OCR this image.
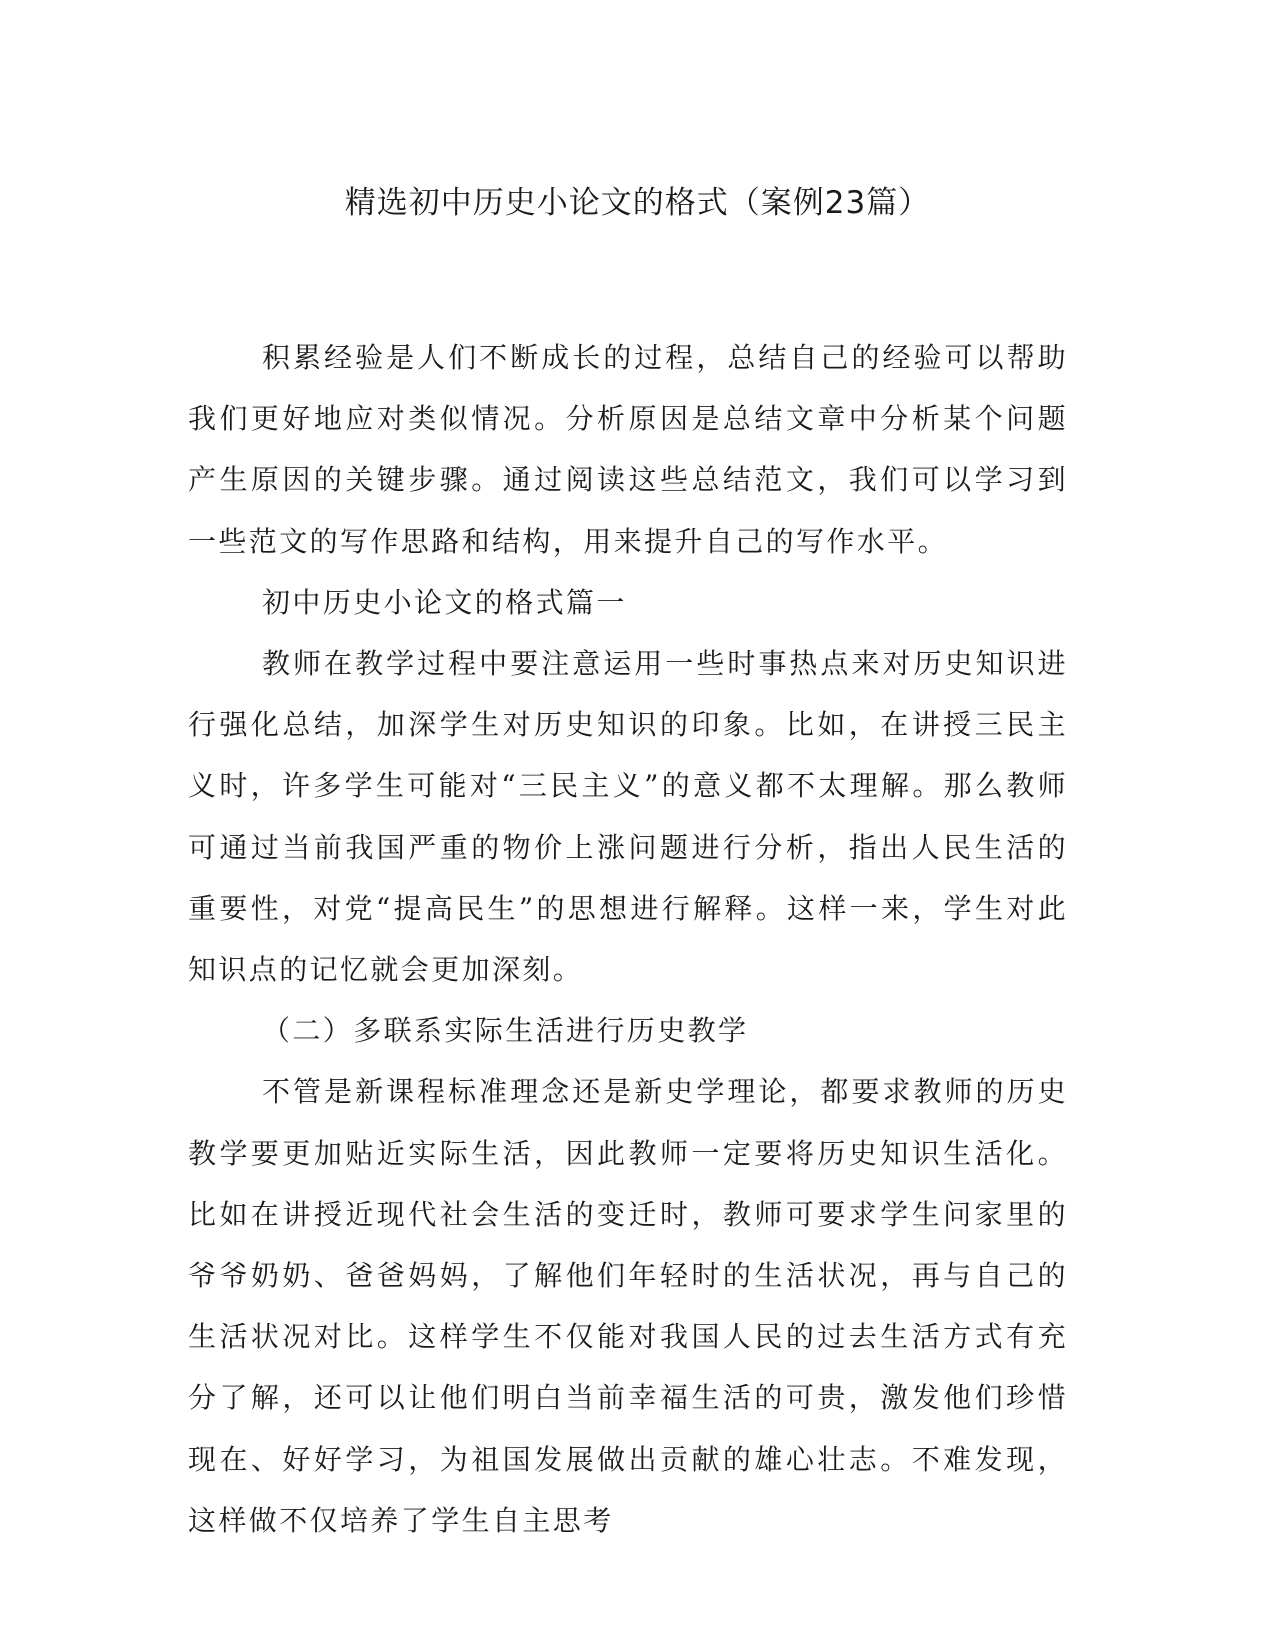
精选初中历史小论文的格式（案例23篇）

积累经验是人们不断成长的过程，总结自己的经验可以帮助我们更好地应对类似情况。分析原因是总结文章中分析某个问题产生原因的关键步骤。通过阅读这些总结范文，我们可以学习到一些范文的写作思路和结构，用来提升自己的写作水平。

初中历史小论文的格式篇一

教师在教学过程中要注意运用一些时事热点来对历史知识进行强化总结，加深学生对历史知识的印象。比如，在讲授三民主义时，许多学生可能对“三民主义”的意义都不太理解。那么教师可通过当前我国严重的物价上涨问题进行分析，指出人民生活的重要性，对党“提高民生”的思想进行解释。这样一来，学生对此知识点的记忆就会更加深刻。

（二）多联系实际生活进行历史教学

不管是新课程标准理念还是新史学理论，都要求教师的历史教学要更加贴近实际生活，因此教师一定要将历史知识生活化。比如在讲授近现代社会生活的变迁时，教师可要求学生问家里的爷爷奶奶、爸爸妈妈，了解他们年轻时的生活状况，再与自己的生活状况对比。这样学生不仅能对我国人民的过去生活方式有充分了解，还可以让他们明白当前幸福生活的可贵，激发他们珍惜现在、好好学习，为祖国发展做出贡献的雄心壮志。不难发现，这样做不仅培养了学生自主思考
